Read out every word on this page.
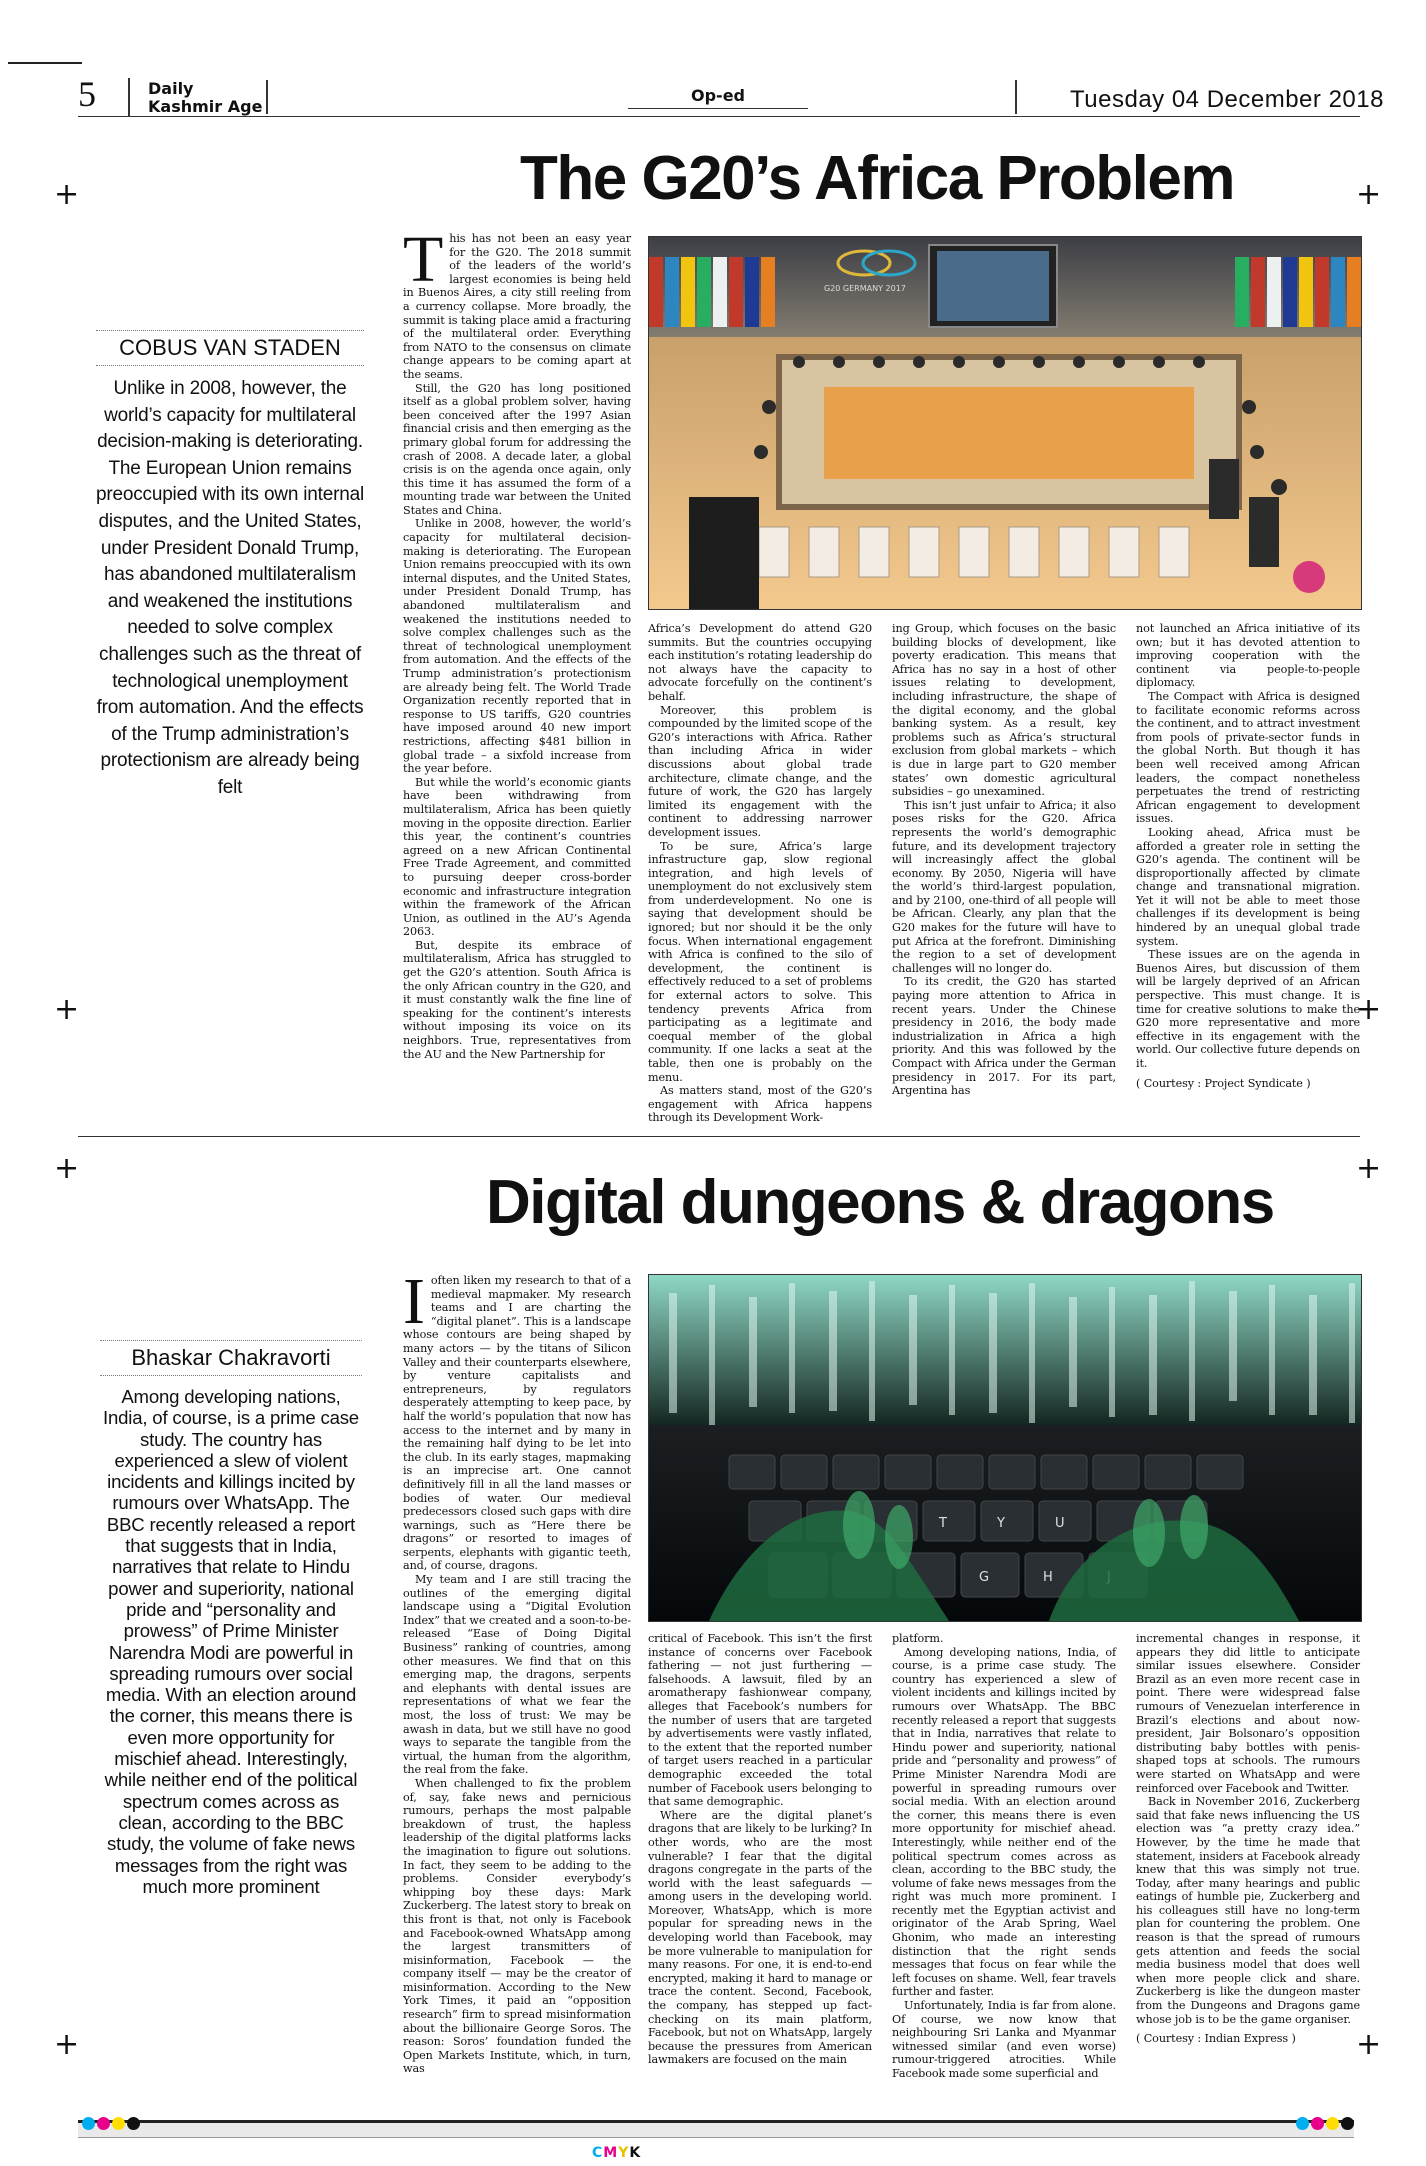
5	Daily
Kashmir Age
Op-ed	Tuesday 04 December 2018
+	+
+	+
+	+
+	+
The G20’s Africa Problem
COBUS VAN STADEN
Unlike in 2008, however, the world’s capacity for multilateral decision-making is deteriorating. The European Union remains preoccupied with its own internal disputes, and the United States, under President Donald Trump, has abandoned multilateralism and weakened the institutions needed to solve complex challenges such as the threat of technological unemployment from automation. And the effects of the Trump administration’s protectionism are already being felt
T his has not been an easy year for the G20. The 2018 summit of the leaders of the world’s largest economies is being held in Buenos Aires, a city still reeling from a currency collapse. More broadly, the summit is taking place amid a fracturing of the multilateral order. Everything from NATO to the consensus on climate change appears to be coming apart at the seams.

Still, the G20 has long positioned itself as a global problem solver, having been conceived after the 1997 Asian financial crisis and then emerging as the primary global forum for addressing the crash of 2008. A decade later, a global crisis is on the agenda once again, only this time it has assumed the form of a mounting trade war between the United States and China.

Unlike in 2008, however, the world’s capacity for multilateral decision-making is deteriorating. The European Union remains preoccupied with its own internal disputes, and the United States, under President Donald Trump, has abandoned multilateralism and weakened the institutions needed to solve complex challenges such as the threat of technological unemployment from automation. And the effects of the Trump administration’s protectionism are already being felt. The World Trade Organization recently reported that in response to US tariffs, G20 countries have imposed around 40 new import restrictions, affecting $481 billion in global trade – a sixfold increase from the year before.

But while the world’s economic giants have been withdrawing from multilateralism, Africa has been quietly moving in the opposite direction. Earlier this year, the continent’s countries agreed on a new African Continental Free Trade Agreement, and committed to pursuing deeper cross-border economic and infrastructure integration within the framework of the African Union, as outlined in the AU’s Agenda 2063.

But, despite its embrace of multilateralism, Africa has struggled to get the G20’s attention. South Africa is the only African country in the G20, and it must constantly walk the fine line of speaking for the continent’s interests without imposing its voice on its neighbors. True, representatives from the AU and the New Partnership for

G20 GERMANY 2017

Africa’s Development do attend G20 summits. But the countries occupying each institution’s rotating leadership do not always have the capacity to advocate forcefully on the continent’s behalf.

Moreover, this problem is compounded by the limited scope of the G20’s interactions with Africa. Rather than including Africa in wider discussions about global trade architecture, climate change, and the future of work, the G20 has largely limited its engagement with the continent to addressing narrower development issues.

To be sure, Africa’s large infrastructure gap, slow regional integration, and high levels of unemployment do not exclusively stem from underdevelopment. No one is saying that development should be ignored; but nor should it be the only focus. When international engagement with Africa is confined to the silo of development, the continent is effectively reduced to a set of problems for external actors to solve. This tendency prevents Africa from participating as a legitimate and coequal member of the global community. If one lacks a seat at the table, then one is probably on the menu.

As matters stand, most of the G20’s engagement with Africa happens through its Development Work-

ing Group, which focuses on the basic building blocks of development, like poverty eradication. This means that Africa has no say in a host of other issues relating to development, including infrastructure, the shape of the digital economy, and the global banking system. As a result, key problems such as Africa’s structural exclusion from global markets – which is due in large part to G20 member states’ own domestic agricultural subsidies – go unexamined.

This isn’t just unfair to Africa; it also poses risks for the G20. Africa represents the world’s demographic future, and its development trajectory will increasingly affect the global economy. By 2050, Nigeria will have the world’s third-largest population, and by 2100, one-third of all people will be African. Clearly, any plan that the G20 makes for the future will have to put Africa at the forefront. Diminishing the region to a set of development challenges will no longer do.

To its credit, the G20 has started paying more attention to Africa in recent years. Under the Chinese presidency in 2016, the body made industrialization in Africa a high priority. And this was followed by the Compact with Africa under the German presidency in 2017. For its part, Argentina has

not launched an Africa initiative of its own; but it has devoted attention to improving cooperation with the continent via people-to-people diplomacy.

The Compact with Africa is designed to facilitate economic reforms across the continent, and to attract investment from pools of private-sector funds in the global North. But though it has been well received among African leaders, the compact nonetheless perpetuates the trend of restricting African engagement to development issues.

Looking ahead, Africa must be afforded a greater role in setting the G20’s agenda. The continent will be disproportionally affected by climate change and transnational migration. Yet it will not be able to meet those challenges if its development is being hindered by an unequal global trade system.

These issues are on the agenda in Buenos Aires, but discussion of them will be largely deprived of an African perspective. This must change. It is time for creative solutions to make the G20 more representative and more effective in its engagement with the world. Our collective future depends on it.

( Courtesy : Project Syndicate )

Digital dungeons & dragons
Bhaskar Chakravorti
Among developing nations, India, of course, is a prime case study. The country has experienced a slew of violent incidents and killings incited by rumours over WhatsApp. The BBC recently released a report that suggests that in India, narratives that relate to Hindu power and superiority, national pride and “personality and prowess” of Prime Minister Narendra Modi are powerful in spreading rumours over social media. With an election around the corner, this means there is even more opportunity for mischief ahead. Interestingly, while neither end of the political spectrum comes across as clean, according to the BBC study, the volume of fake news messages from the right was much more prominent
I often liken my research to that of a medieval mapmaker. My research teams and I are charting the “digital planet”. This is a landscape whose contours are being shaped by many actors — by the titans of Silicon Valley and their counterparts elsewhere, by venture capitalists and entrepreneurs, by regulators desperately attempting to keep pace, by half the world’s population that now has access to the internet and by many in the remaining half dying to be let into the club. In its early stages, mapmaking is an imprecise art. One cannot definitively fill in all the land masses or bodies of water. Our medieval predecessors closed such gaps with dire warnings, such as “Here there be dragons” or resorted to images of serpents, elephants with gigantic teeth, and, of course, dragons.

My team and I are still tracing the outlines of the emerging digital landscape using a “Digital Evolution Index” that we created and a soon-to-be-released “Ease of Doing Digital Business” ranking of countries, among other measures. We find that on this emerging map, the dragons, serpents and elephants with dental issues are representations of what we fear the most, the loss of trust: We may be awash in data, but we still have no good ways to separate the tangible from the virtual, the human from the algorithm, the real from the fake.

When challenged to fix the problem of, say, fake news and pernicious rumours, perhaps the most palpable breakdown of trust, the hapless leadership of the digital platforms lacks the imagination to figure out solutions. In fact, they seem to be adding to the problems. Consider everybody’s whipping boy these days: Mark Zuckerberg. The latest story to break on this front is that, not only is Facebook and Facebook-owned WhatsApp among the largest transmitters of misinformation, Facebook — the company itself — may be the creator of misinformation. According to the New York Times, it paid an “opposition research” firm to spread misinformation about the billionaire George Soros. The reason: Soros’ foundation funded the Open Markets Institute, which, in turn, was

T	Y	U
G	H

critical of Facebook. This isn’t the first instance of concerns over Facebook fathering — not just furthering — falsehoods. A lawsuit, filed by an aromatherapy fashionwear company, alleges that Facebook’s numbers for the number of users that are targeted by advertisements were vastly inflated, to the extent that the reported number of target users reached in a particular demographic exceeded the total number of Facebook users belonging to that same demographic.

Where are the digital planet’s dragons that are likely to be lurking? In other words, who are the most vulnerable? I fear that the digital dragons congregate in the parts of the world with the least safeguards — among users in the developing world. Moreover, WhatsApp, which is more popular for spreading news in the developing world than Facebook, may be more vulnerable to manipulation for many reasons. For one, it is end-to-end encrypted, making it hard to manage or trace the content. Second, Facebook, the company, has stepped up fact-checking on its main platform, Facebook, but not on WhatsApp, largely because the pressures from American lawmakers are focused on the main

platform.

Among developing nations, India, of course, is a prime case study. The country has experienced a slew of violent incidents and killings incited by rumours over WhatsApp. The BBC recently released a report that suggests that in India, narratives that relate to Hindu power and superiority, national pride and “personality and prowess” of Prime Minister Narendra Modi are powerful in spreading rumours over social media. With an election around the corner, this means there is even more opportunity for mischief ahead. Interestingly, while neither end of the political spectrum comes across as clean, according to the BBC study, the volume of fake news messages from the right was much more prominent. I recently met the Egyptian activist and originator of the Arab Spring, Wael Ghonim, who made an interesting distinction that the right sends messages that focus on fear while the left focuses on shame. Well, fear travels further and faster.

Unfortunately, India is far from alone. Of course, we now know that neighbouring Sri Lanka and Myanmar witnessed similar (and even worse) rumour-triggered atrocities. While Facebook made some superficial and

incremental changes in response, it appears they did little to anticipate similar issues elsewhere. Consider Brazil as an even more recent case in point. There were widespread false rumours of Venezuelan interference in Brazil’s elections and about now-president, Jair Bolsonaro’s opposition distributing baby bottles with penis-shaped tops at schools. The rumours were started on WhatsApp and were reinforced over Facebook and Twitter.

Back in November 2016, Zuckerberg said that fake news influencing the US election was “a pretty crazy idea.” However, by the time he made that statement, insiders at Facebook already knew that this was simply not true. Today, after many hearings and public eatings of humble pie, Zuckerberg and his colleagues still have no long-term plan for countering the problem. One reason is that the spread of rumours gets attention and feeds the social media business model that does well when more people click and share. Zuckerberg is like the dungeon master from the Dungeons and Dragons game whose job is to be the game organiser.

( Courtesy : Indian Express )

CMYK
